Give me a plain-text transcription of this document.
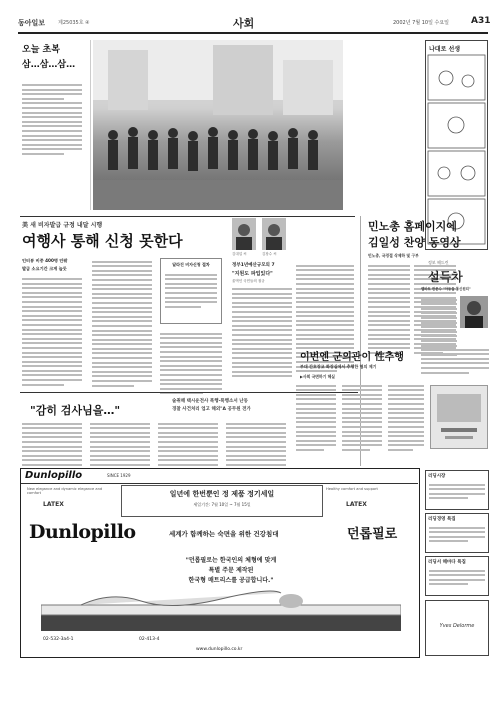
동아일보	제25035호 ④	사회	2002년 7월 10일 수요일 A31
오늘 초복
삼…삼…삼…
나대로 선생
美 새 비자발급 규정 내달 시행
여행사 통해 신청 못한다
인터뷰 비중 400명 안팎
발급 소요기간 크게 늘듯
달라진 비자신청 절차
김대업 씨	김장수 씨
정부1년예산규모의 7
"지원도 파업있다"
울먹인 국민들의 절규
민노총 홈페이지에
김일성 찬양 동영상
민노총, 국경절 삭제하 및 구부
정보 해드린
설득차
밸바트 반문수 "아동들 통신원리"
"감히 검사님을…"
술취해 택시운전사 폭행·폭행소서 난동
경찰 사건처리 업고 해외"A 공무원 전가
이번엔 군의관이 性추행
부대 간호장교 화장실에서 추행한 혐의 제기
▶사회 국면하기 헤실
Dunlopillo	SINCE 1929
New elegance and dynamic elegance and comfort
LATEX
Healthy comfort and support
LATEX
일년에 한번뿐인 정 제품 정기세일
세일기간: 7월 10일 ~ 7월 15일
Dunlopillo	세계가 함께하는 숙면을 위한 건강침대	던롭필로
"던롭필로는 한국인의 체형에 맞게
특별 주문 제작된
한국형 매트리스를 공급합니다."
02-532-3a4-1	02-413-4
www.dunlopillo.co.kr
리딩시장
리딩경영 특집
리딩서 해마다 특집
Yves Delorme
